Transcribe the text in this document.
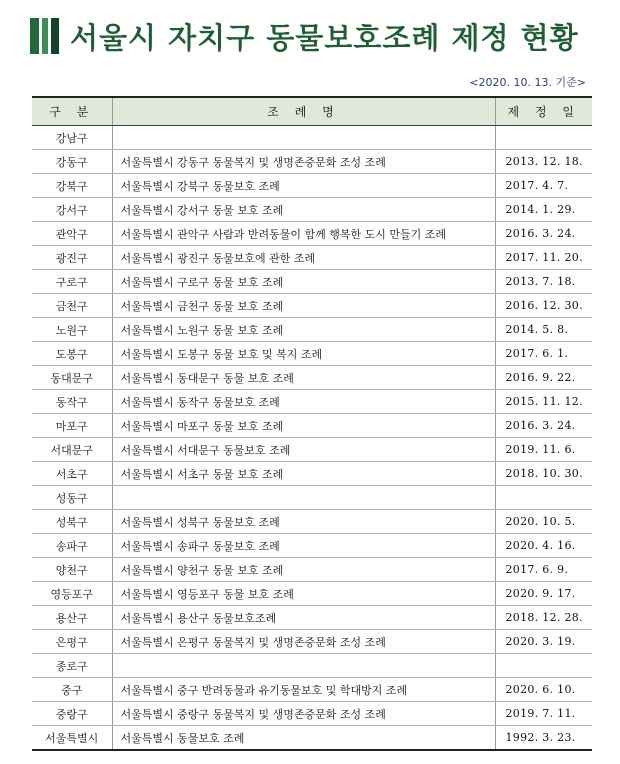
서울시 자치구 동물보호조례 제정 현황
<2020. 10. 13. 기준>
구 분	조 례 명	제 정 일
강남구		
강동구	서울특별시 강동구 동물복지 및 생명존중문화 조성 조례	2013. 12. 18.
강북구	서울특별시 강북구 동물보호 조례	2017. 4. 7.
강서구	서울특별시 강서구 동물 보호 조례	2014. 1. 29.
관악구	서울특별시 관악구 사람과 반려동물이 함께 행복한 도시 만들기 조례	2016. 3. 24.
광진구	서울특별시 광진구 동물보호에 관한 조례	2017. 11. 20.
구로구	서울특별시 구로구 동물 보호 조례	2013. 7. 18.
금천구	서울특별시 금천구 동물 보호 조례	2016. 12. 30.
노원구	서울특별시 노원구 동물 보호 조례	2014. 5. 8.
도봉구	서울특별시 도봉구 동물 보호 및 복지 조례	2017. 6. 1.
동대문구	서울특별시 동대문구 동물 보호 조례	2016. 9. 22.
동작구	서울특별시 동작구 동물보호 조례	2015. 11. 12.
마포구	서울특별시 마포구 동물 보호 조례	2016. 3. 24.
서대문구	서울특별시 서대문구 동물보호 조례	2019. 11. 6.
서초구	서울특별시 서초구 동물 보호 조례	2018. 10. 30.
성동구		
성북구	서울특별시 성북구 동물보호 조례	2020. 10. 5.
송파구	서울특별시 송파구 동물보호 조례	2020. 4. 16.
양천구	서울특별시 양천구 동물 보호 조례	2017. 6. 9.
영등포구	서울특별시 영등포구 동물 보호 조례	2020. 9. 17.
용산구	서울특별시 용산구 동물보호조례	2018. 12. 28.
은평구	서울특별시 은평구 동물복지 및 생명존중문화 조성 조례	2020. 3. 19.
종로구		
중구	서울특별시 중구 반려동물과 유기동물보호 및 학대방지 조례	2020. 6. 10.
중랑구	서울특별시 중랑구 동물복지 및 생명존중문화 조성 조례	2019. 7. 11.
서울특별시	서울특별시 동물보호 조례	1992. 3. 23.
